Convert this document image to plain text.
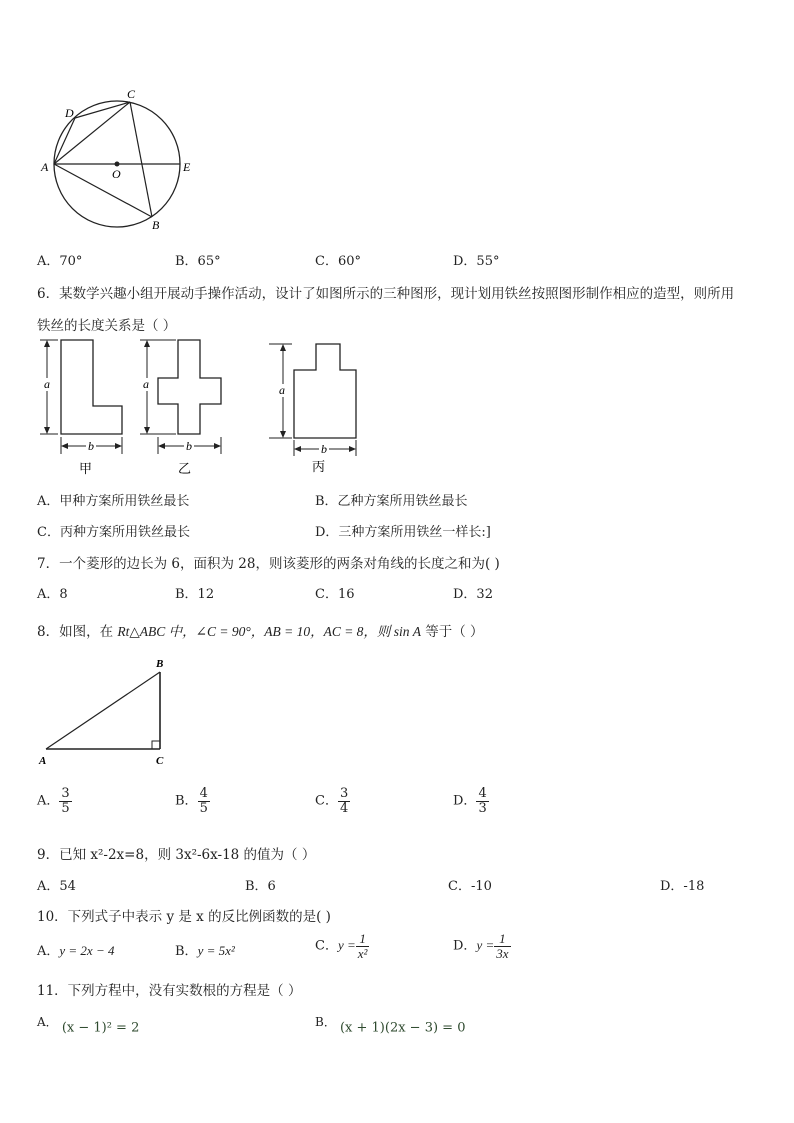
D
C
A	O	E
B
A．70°	B．65°	C．60°	D．55°
6．某数学兴趣小组开展动手操作活动，设计了如图所示的三种图形，现计划用铁丝按照图形制作相应的造型，则所用
铁丝的长度关系是（ ）
a
b
甲
a
b
乙
a
b
丙
A．甲种方案所用铁丝最长	B．乙种方案所用铁丝最长
C．丙种方案所用铁丝最长	D．三种方案所用铁丝一样长:]
7．一个菱形的边长为 6，面积为 28，则该菱形的两条对角线的长度之和为( )
A．8	B．12	C．16	D．32
8．如图，在 Rt△ABC 中，∠C = 90°，AB = 10，AC = 8，则 sin A 等于（ ）
B
A	C
A． $\frac{3}{5}$	B． $\frac{4}{5}$	C． $\frac{3}{4}$	D． $\frac{4}{3}$
9．已知 x²-2x=8，则 3x²-6x-18 的值为（ ）
A．54	B．6	C．-10	D．-18
10．下列式子中表示 y 是 x 的反比例函数的是( )
A．y = 2x − 4	B．y = 5x²	C．$y = \frac{1}{\text{x²}}$	D．$y = \frac{1}{3x}$
11．下列方程中，没有实数根的方程是（ ）
A． (x − 1)² = 2	B． (x + 1)(2x − 3) = 0
